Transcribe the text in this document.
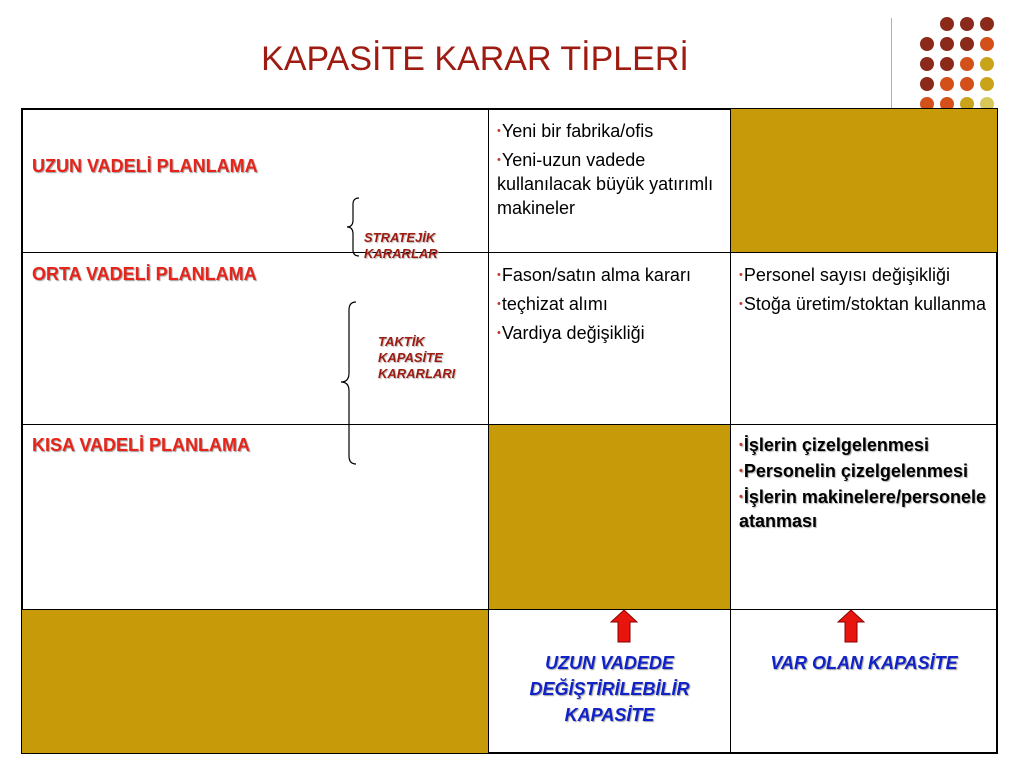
KAPASİTE KARAR TİPLERİ
•Yeni bir fabrika/ofis
•Yeni-uzun vadede kullanılacak büyük yatırımlı makineler
•Fason/satın alma kararı
•teçhizat alımı
•Vardiya değişikliği
•Personel sayısı değişikliği
•Stoğa üretim/stoktan kullanma
•İşlerin çizelgelenmesi
•Personelin çizelgelenmesi
•İşlerin makinelere/personele atanması
UZUN VADELİ PLANLAMA
ORTA VADELİ PLANLAMA
KISA VADELİ PLANLAMA
STRATEJİK
KARARLAR
TAKTİK
KAPASİTE
KARARLARI
UZUN VADEDE
DEĞİŞTİRİLEBİLİR
KAPASİTE
VAR OLAN KAPASİTE
